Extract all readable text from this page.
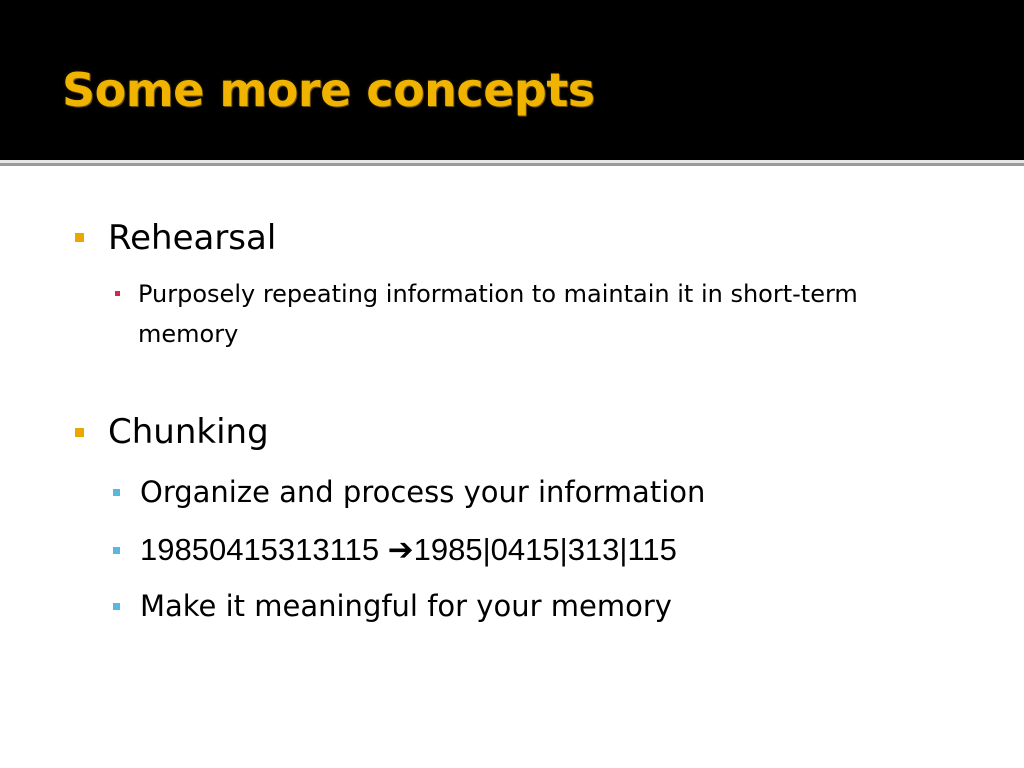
Some more concepts
Rehearsal
Purposely repeating information to maintain it in short-term memory
Chunking
Organize and process your information
19850415313115 ➔1985|0415|313|115
Make it meaningful for your memory
